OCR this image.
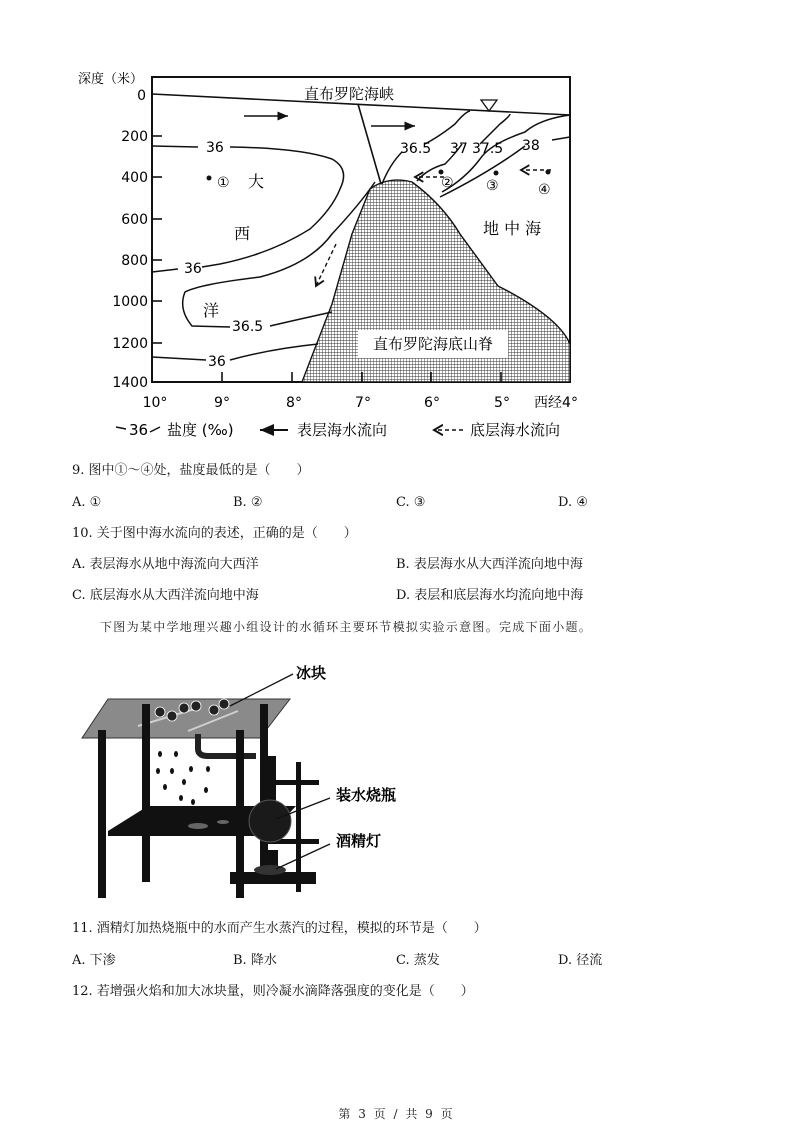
深度（米）
直布罗陀海底山脊
直布罗陀海峡
0
200
400
600
800
1000
1200
1400
10°	9°	8°	7°	6°	5° 西经4°
36
36
36.5
36
36.5 37 37.5 38
①	② ③	④
大
西
洋
地 中 海
36 盐度 (‰)	表层海水流向	底层海水流向
9. 图中①～④处，盐度最低的是（　　）
A. ①	B. ②	C. ③	D. ④
10. 关于图中海水流向的表述，正确的是（　　）
A. 表层海水从地中海流向大西洋	B. 表层海水从大西洋流向地中海
C. 底层海水从大西洋流向地中海	D. 表层和底层海水均流向地中海
下图为某中学地理兴趣小组设计的水循环主要环节模拟实验示意图。完成下面小题。
冰块
装水烧瓶
酒精灯
11. 酒精灯加热烧瓶中的水而产生水蒸汽的过程，模拟的环节是（　　）
A. 下渗	B. 降水	C. 蒸发	D. 径流
12. 若增强火焰和加大冰块量，则冷凝水滴降落强度的变化是（　　）
第 3 页 / 共 9 页
